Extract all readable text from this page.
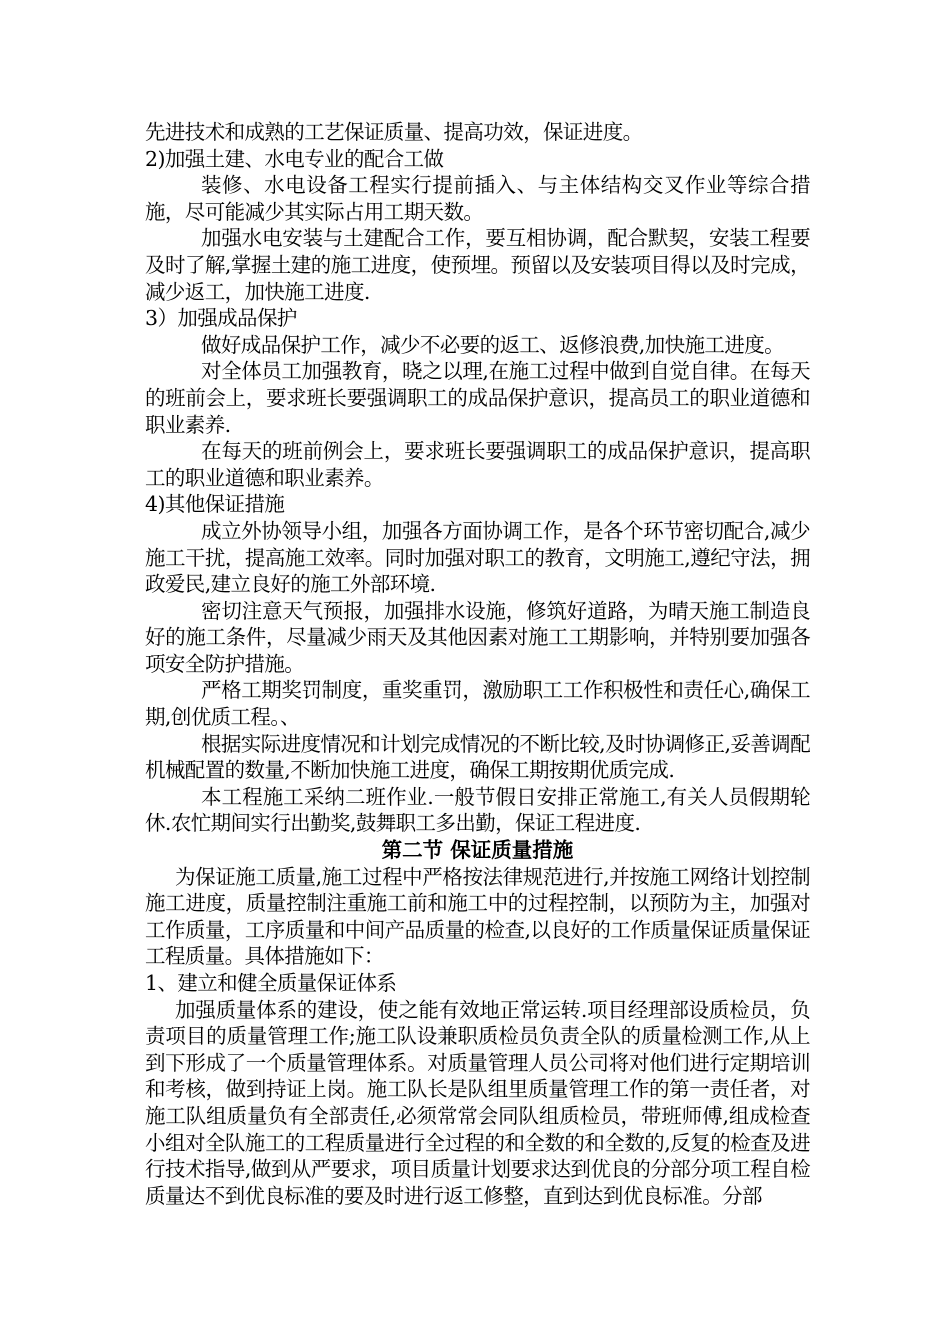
先进技术和成熟的工艺保证质量、提高功效，保证进度。

2)加强土建、水电专业的配合工做

装修、水电设备工程实行提前插入、与主体结构交叉作业等综合措施，尽可能减少其实际占用工期天数。

加强水电安装与土建配合工作，要互相协调，配合默契，安装工程要及时了解,掌握土建的施工进度，使预埋。预留以及安装项目得以及时完成，减少返工，加快施工进度.

3）加强成品保护

做好成品保护工作，减少不必要的返工、返修浪费,加快施工进度。

对全体员工加强教育，晓之以理,在施工过程中做到自觉自律。在每天的班前会上，要求班长要强调职工的成品保护意识，提高员工的职业道德和职业素养.

在每天的班前例会上，要求班长要强调职工的成品保护意识，提高职工的职业道德和职业素养。

4)其他保证措施

成立外协领导小组，加强各方面协调工作，是各个环节密切配合,减少施工干扰，提高施工效率。同时加强对职工的教育，文明施工,遵纪守法，拥政爱民,建立良好的施工外部环境.

密切注意天气预报，加强排水设施，修筑好道路，为晴天施工制造良好的施工条件，尽量减少雨天及其他因素对施工工期影响，并特别要加强各项安全防护措施。

严格工期奖罚制度，重奖重罚，激励职工工作积极性和责任心,确保工期,创优质工程。、

根据实际进度情况和计划完成情况的不断比较,及时协调修正,妥善调配机械配置的数量,不断加快施工进度，确保工期按期优质完成.

本工程施工采纳二班作业.一般节假日安排正常施工,有关人员假期轮休.农忙期间实行出勤奖,鼓舞职工多出勤，保证工程进度.

第二节 保证质量措施

为保证施工质量,施工过程中严格按法律规范进行,并按施工网络计划控制施工进度，质量控制注重施工前和施工中的过程控制，以预防为主，加强对工作质量，工序质量和中间产品质量的检查,以良好的工作质量保证质量保证工程质量。具体措施如下：

1、建立和健全质量保证体系

加强质量体系的建设，使之能有效地正常运转.项目经理部设质检员，负责项目的质量管理工作;施工队设兼职质检员负责全队的质量检测工作,从上到下形成了一个质量管理体系。对质量管理人员公司将对他们进行定期培训和考核，做到持证上岗。施工队长是队组里质量管理工作的第一责任者，对施工队组质量负有全部责任,必须常常会同队组质检员，带班师傅,组成检查小组对全队施工的工程质量进行全过程的和全数的和全数的,反复的检查及进行技术指导,做到从严要求，项目质量计划要求达到优良的分部分项工程自检质量达不到优良标准的要及时进行返工修整，直到达到优良标准。分部
